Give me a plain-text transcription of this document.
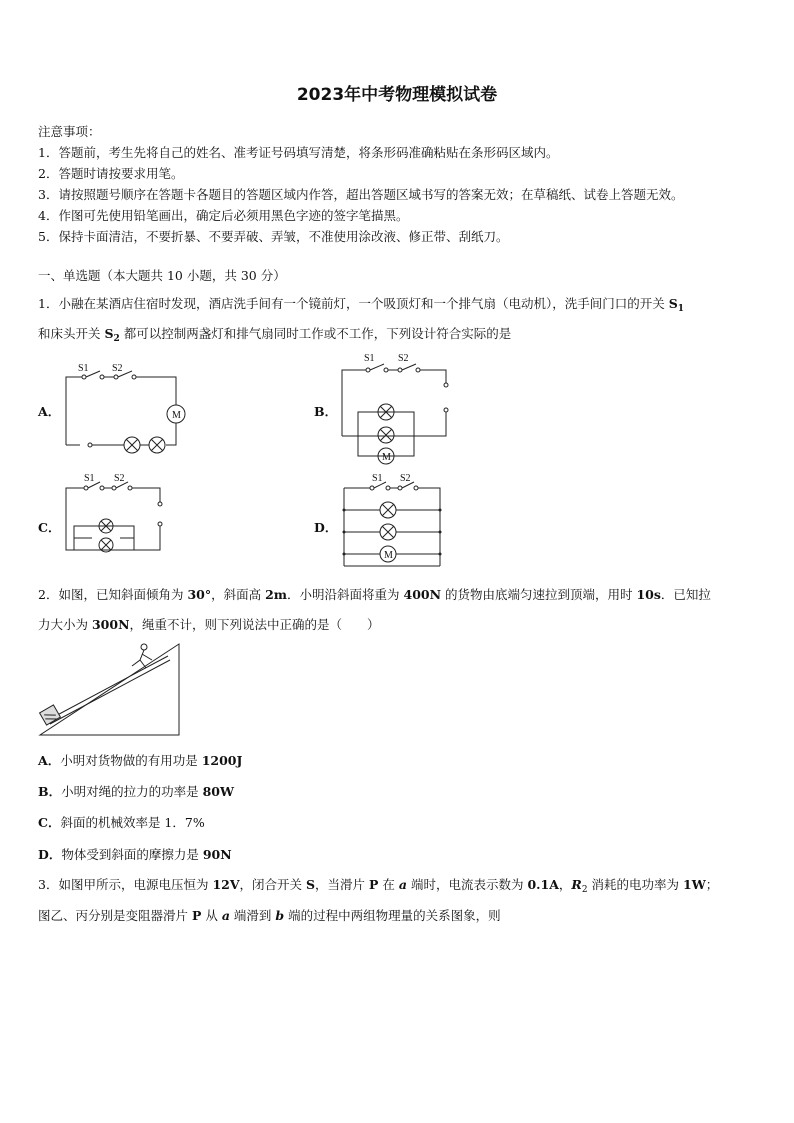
2023年中考物理模拟试卷
注意事项：
1．答题前，考生先将自己的姓名、准考证号码填写清楚，将条形码准确粘贴在条形码区域内。
2．答题时请按要求用笔。
3．请按照题号顺序在答题卡各题目的答题区域内作答，超出答题区域书写的答案无效；在草稿纸、试卷上答题无效。
4．作图可先使用铅笔画出，确定后必须用黑色字迹的签字笔描黑。
5．保持卡面清洁，不要折暴、不要弄破、弄皱，不准使用涂改液、修正带、刮纸刀。
一、单选题（本大题共 10 小题，共 30 分）
1．小融在某酒店住宿时发现，酒店洗手间有一个镜前灯，一个吸顶灯和一个排气扇（电动机），洗手间门口的开关 $S_1$
和床头开关 $S_2$ 都可以控制两盏灯和排气扇同时工作或不工作，下列设计符合实际的是
A．	B．
C．	D．
S1 S2
M
S1 S2
M
S1 S2	S1 S2
M
2．如图，已知斜面倾角为 30°，斜面高 2m．小明沿斜面将重为 400N 的货物由底端匀速拉到顶端，用时 10s．已知拉
力大小为 300N，绳重不计，则下列说法中正确的是（　　）
A．小明对货物做的有用功是 1200J
B．小明对绳的拉力的功率是 80W
C．斜面的机械效率是 1．7%
D．物体受到斜面的摩擦力是 90N
3．如图甲所示，电源电压恒为 12V，闭合开关 S，当滑片 P 在 a 端时，电流表示数为 0.1A，$R_2$ 消耗的电功率为 1W；
图乙、丙分别是变阻器滑片 P 从 a 端滑到 b 端的过程中两组物理量的关系图象，则
